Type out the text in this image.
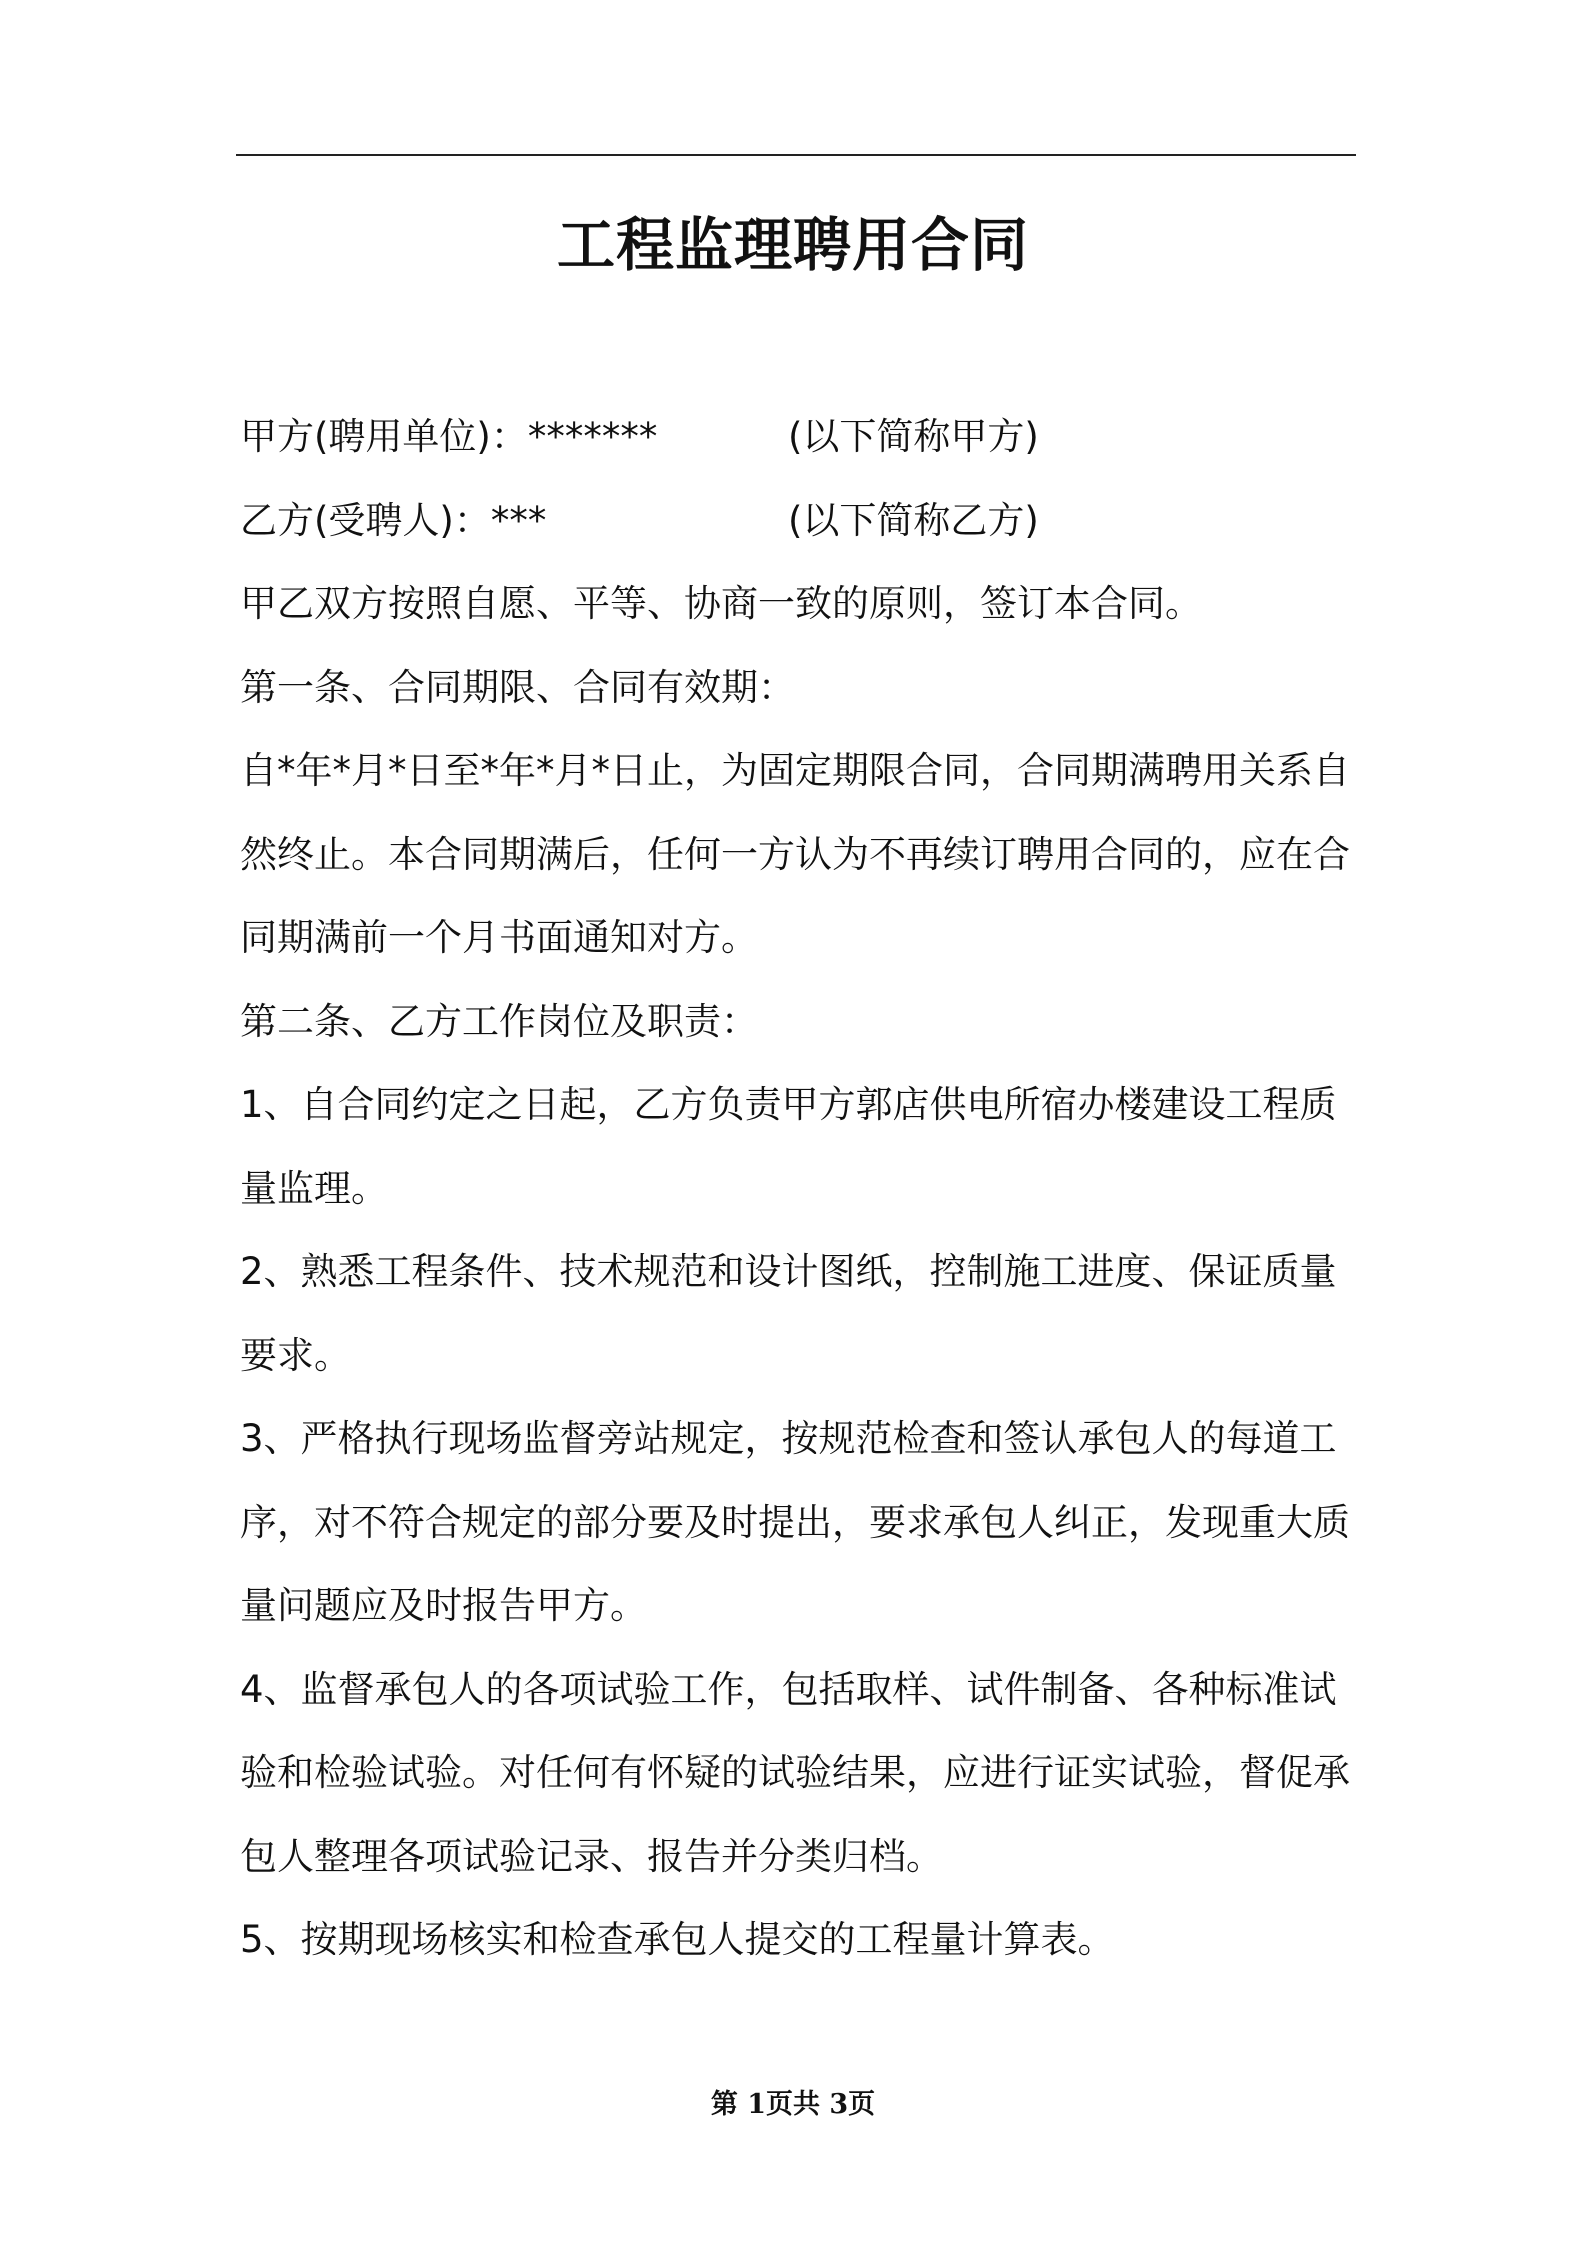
工程监理聘用合同
甲方(聘用单位)：*******	(以下简称甲方)
乙方(受聘人)：***	(以下简称乙方)
甲乙双方按照自愿、平等、协商一致的原则，签订本合同。
第一条、合同期限、合同有效期：
自*年*月*日至*年*月*日止，为固定期限合同，合同期满聘用关系自
然终止。本合同期满后，任何一方认为不再续订聘用合同的，应在合
同期满前一个月书面通知对方。
第二条、乙方工作岗位及职责：
1、自合同约定之日起，乙方负责甲方郭店供电所宿办楼建设工程质
量监理。
2、熟悉工程条件、技术规范和设计图纸，控制施工进度、保证质量
要求。
3、严格执行现场监督旁站规定，按规范检查和签认承包人的每道工
序，对不符合规定的部分要及时提出，要求承包人纠正，发现重大质
量问题应及时报告甲方。
4、监督承包人的各项试验工作，包括取样、试件制备、各种标准试
验和检验试验。对任何有怀疑的试验结果，应进行证实试验，督促承
包人整理各项试验记录、报告并分类归档。
5、按期现场核实和检查承包人提交的工程量计算表。
第 1页共 3页
